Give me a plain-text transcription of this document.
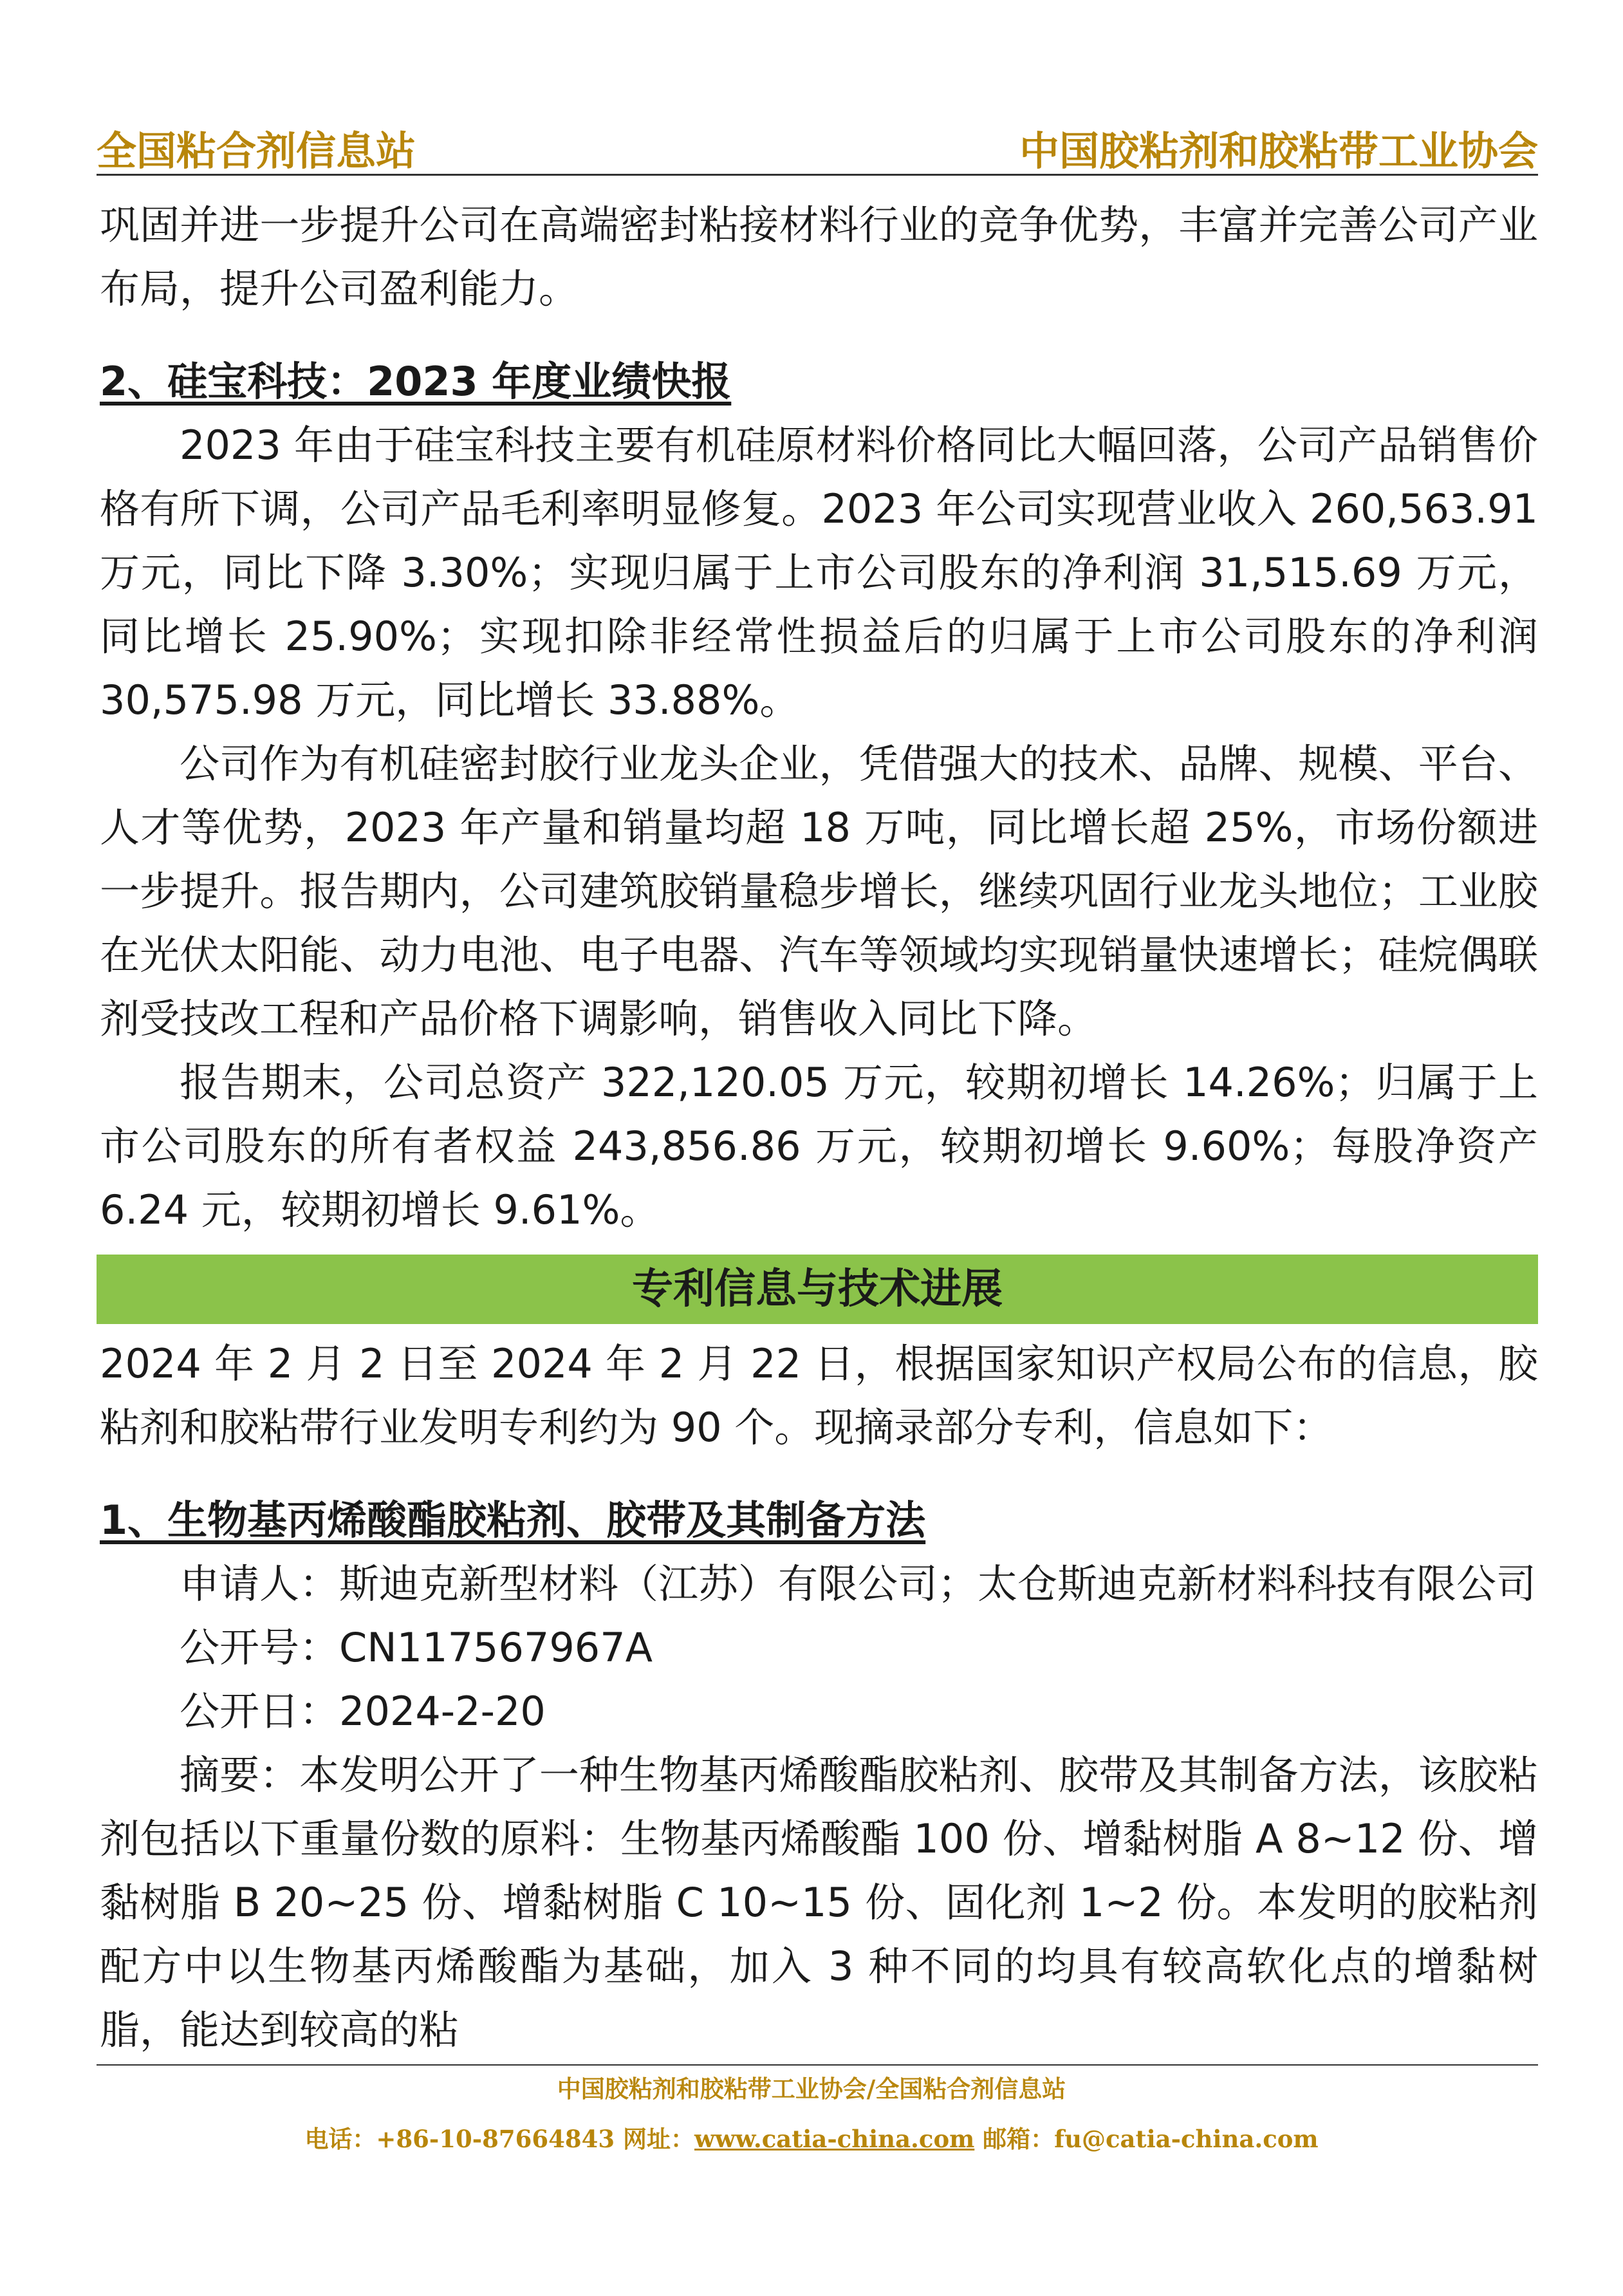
全国粘合剂信息站	中国胶粘剂和胶粘带工业协会

巩固并进一步提升公司在高端密封粘接材料行业的竞争优势，丰富并完善公司产业布局，提升公司盈利能力。

2、硅宝科技：2023 年度业绩快报

2023 年由于硅宝科技主要有机硅原材料价格同比大幅回落，公司产品销售价格有所下调，公司产品毛利率明显修复。2023 年公司实现营业收入 260,563.91 万元，同比下降 3.30%；实现归属于上市公司股东的净利润 31,515.69 万元，同比增长 25.90%；实现扣除非经常性损益后的归属于上市公司股东的净利润 30,575.98 万元，同比增长 33.88%。

公司作为有机硅密封胶行业龙头企业，凭借强大的技术、品牌、规模、平台、人才等优势，2023 年产量和销量均超 18 万吨，同比增长超 25%，市场份额进一步提升。报告期内，公司建筑胶销量稳步增长，继续巩固行业龙头地位；工业胶在光伏太阳能、动力电池、电子电器、汽车等领域均实现销量快速增长；硅烷偶联剂受技改工程和产品价格下调影响，销售收入同比下降。

报告期末，公司总资产 322,120.05 万元，较期初增长 14.26%；归属于上市公司股东的所有者权益 243,856.86 万元，较期初增长 9.60%；每股净资产 6.24 元，较期初增长 9.61%。

专利信息与技术进展

2024 年 2 月 2 日至 2024 年 2 月 22 日，根据国家知识产权局公布的信息，胶粘剂和胶粘带行业发明专利约为 90 个。现摘录部分专利，信息如下：

1、生物基丙烯酸酯胶粘剂、胶带及其制备方法

申请人：斯迪克新型材料（江苏）有限公司；太仓斯迪克新材料科技有限公司

公开号：CN117567967A

公开日：2024-2-20

摘要：本发明公开了一种生物基丙烯酸酯胶粘剂、胶带及其制备方法，该胶粘剂包括以下重量份数的原料：生物基丙烯酸酯 100 份、增黏树脂 A 8~12 份、增黏树脂 B 20~25 份、增黏树脂 C 10~15 份、固化剂 1~2 份。本发明的胶粘剂配方中以生物基丙烯酸酯为基础，加入 3 种不同的均具有较高软化点的增黏树脂，能达到较高的粘

中国胶粘剂和胶粘带工业协会/全国粘合剂信息站
电话：+86-10-87664843 网址：www.catia-china.com 邮箱：fu@catia-china.com
